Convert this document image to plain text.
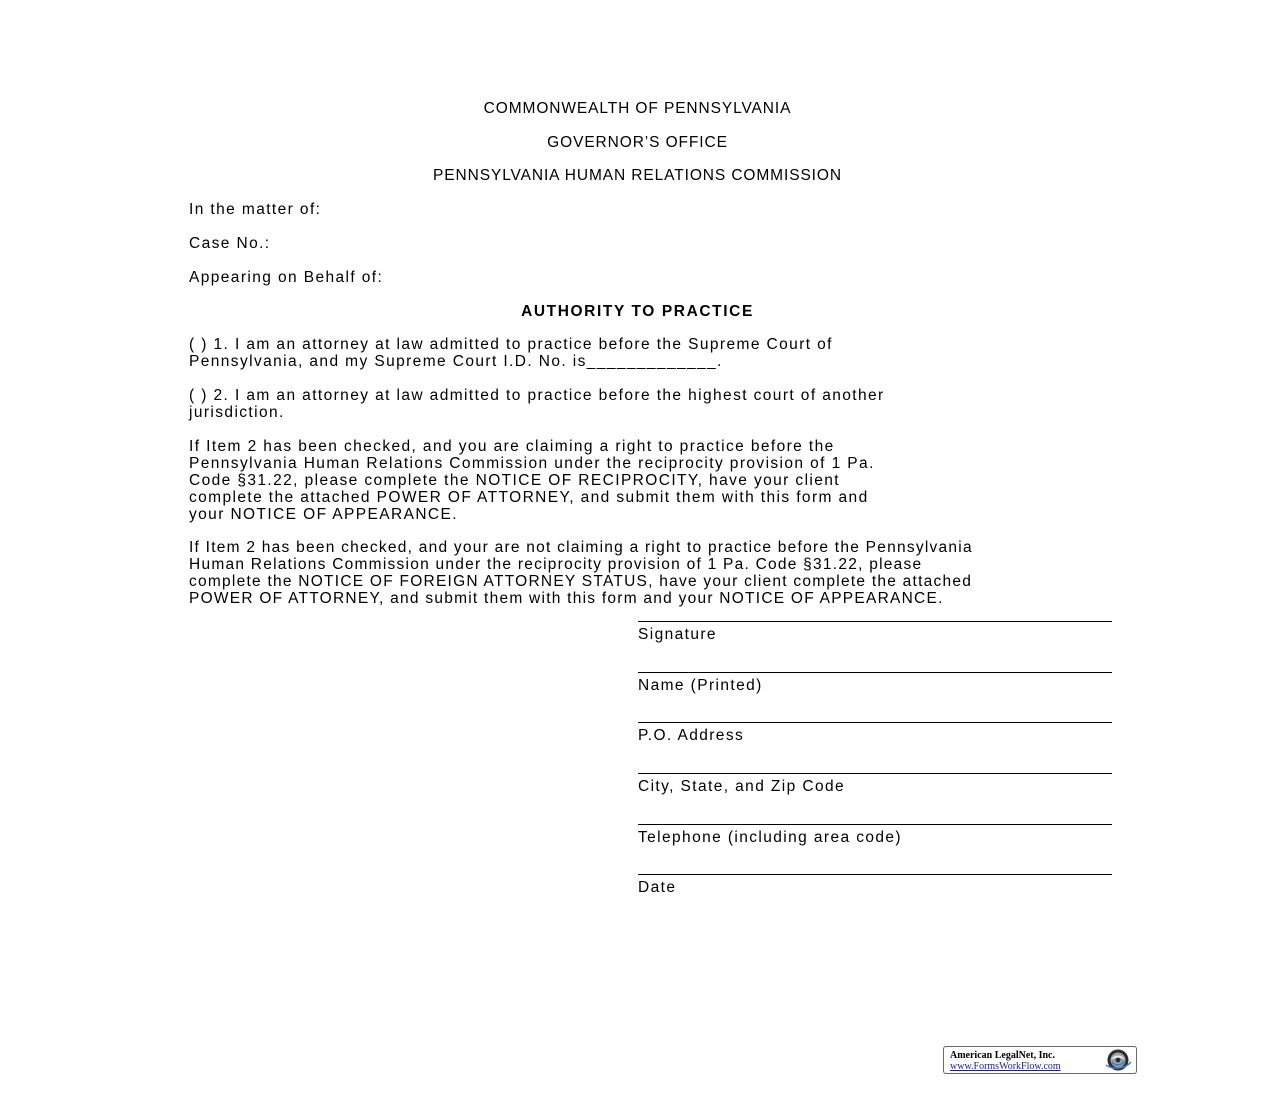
COMMONWEALTH OF PENNSYLVANIA
GOVERNOR’S OFFICE
PENNSYLVANIA HUMAN RELATIONS COMMISSION
In the matter of:
Case No.:
Appearing on Behalf of:
AUTHORITY TO PRACTICE
( ) 1. I am an attorney at law admitted to practice before the Supreme Court of
Pennsylvania, and my Supreme Court I.D. No. is_____________.
( ) 2. I am an attorney at law admitted to practice before the highest court of another
jurisdiction.
If Item 2 has been checked, and you are claiming a right to practice before the
Pennsylvania Human Relations Commission under the reciprocity provision of 1 Pa.
Code §31.22, please complete the NOTICE OF RECIPROCITY, have your client
complete the attached POWER OF ATTORNEY, and submit them with this form and
your NOTICE OF APPEARANCE.
If Item 2 has been checked, and your are not claiming a right to practice before the Pennsylvania
Human Relations Commission under the reciprocity provision of 1 Pa. Code §31.22, please
complete the NOTICE OF FOREIGN ATTORNEY STATUS, have your client complete the attached
POWER OF ATTORNEY, and submit them with this form and your NOTICE OF APPEARANCE.
Signature
Name (Printed)
P.O. Address
City, State, and Zip Code
Telephone (including area code)
Date
American LegalNet, Inc.
www.FormsWorkFlow.com
